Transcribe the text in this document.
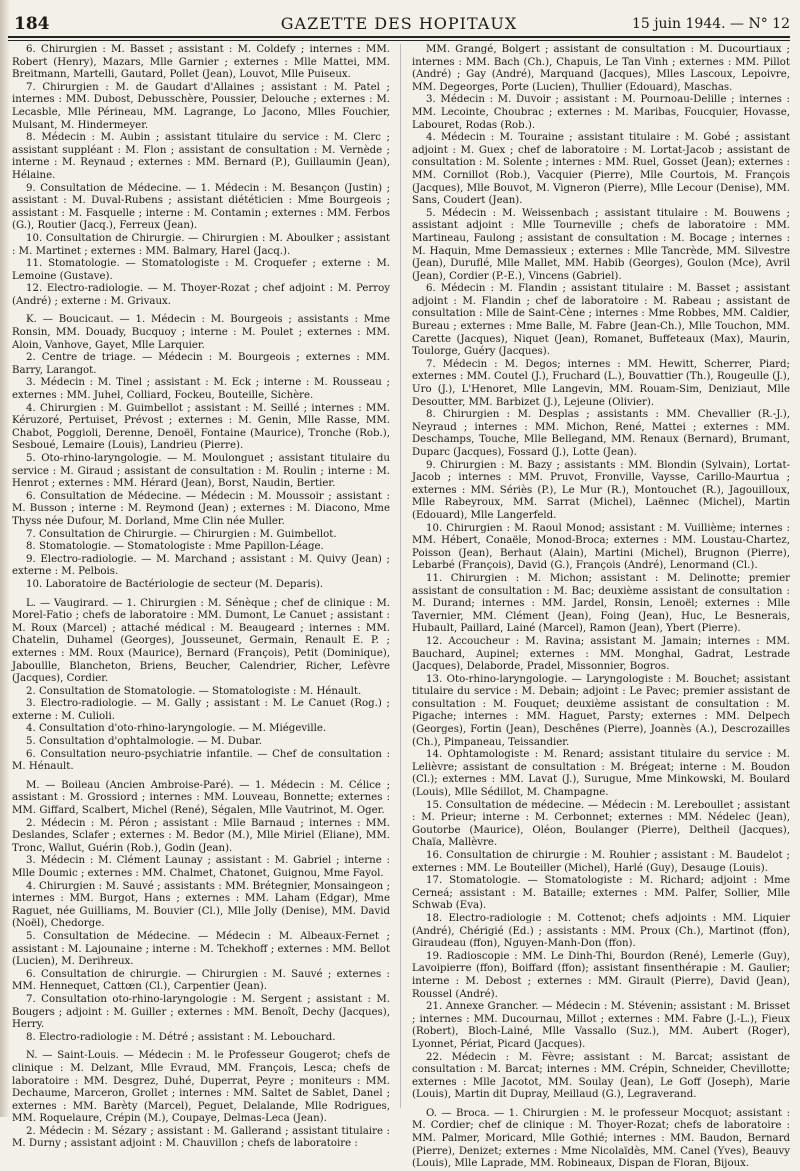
184	GAZETTE DES HOPITAUX	15 juin 1944. — N° 12

6. Chirurgien : M. Basset ; assistant : M. Coldefy ; internes : MM. Robert (Henry), Mazars, Mlle Garnier ; externes : Mlle Mattei, MM. Breitmann, Martelli, Gautard, Pollet (Jean), Louvot, Mlle Puiseux.

7. Chirurgien : M. de Gaudart d'Allaines ; assistant : M. Patel ; internes : MM. Dubost, Debusschère, Poussier, Delouche ; externes : M. Lecasble, Mlle Périneau, MM. Lagrange, Lo Jacono, Mlles Fouchier, Mulsant, M. Hindermeyer.

8. Médecin : M. Aubin ; assistant titulaire du service : M. Clerc ; assistant suppléant : M. Flon ; assistant de consultation : M. Vernède ; interne : M. Reynaud ; externes : MM. Bernard (P.), Guillaumin (Jean), Hélaine.

9. Consultation de Médecine. — 1. Médecin : M. Besançon (Justin) ; assistant : M. Duval-Rubens ; assistant diététicien : Mme Bourgeois ; assistant : M. Fasquelle ; interne : M. Contamin ; externes : MM. Ferbos (G.), Routier (Jacq.), Ferreux (Jean).

10. Consultation de Chirurgie. — Chirurgien : M. Aboulker ; assistant : M. Martinet ; externes : MM. Balmary, Harel (Jacq.).

11. Stomatologie. — Stomatologiste : M. Croquefer ; externe : M. Lemoine (Gustave).

12. Electro-radiologie. — M. Thoyer-Rozat ; chef adjoint : M. Perroy (André) ; externe : M. Grivaux.

K. — Boucicaut. — 1. Médecin : M. Bourgeois ; assistants : Mme Ronsin, MM. Douady, Bucquoy ; interne : M. Poulet ; externes : MM. Aloin, Vanhove, Gayet, Mlle Larquier.

2. Centre de triage. — Médecin : M. Bourgeois ; externes : MM. Barry, Larangot.

3. Médecin : M. Tinel ; assistant : M. Eck ; interne : M. Rousseau ; externes : MM. Juhel, Colliard, Fockeu, Bouteille, Sichère.

4. Chirurgien : M. Guimbellot ; assistant : M. Seillé ; internes : MM. Kéruzoré, Pertuiset, Prévost ; externes : M. Genin, Mlle Rasse, MM. Chabot, Poggioli, Derenne, Denoël, Fontaine (Maurice), Tronche (Rob.), Sesboué, Lemaire (Louis), Landrieu (Pierre).

5. Oto-rhino-laryngologie. — M. Moulonguet ; assistant titulaire du service : M. Giraud ; assistant de consultation : M. Roulin ; interne : M. Henrot ; externes : MM. Hérard (Jean), Borst, Naudin, Bertier.

6. Consultation de Médecine. — Médecin : M. Moussoir ; assistant : M. Busson ; interne : M. Reymond (Jean) ; externes : M. Diacono, Mme Thyss née Dufour, M. Dorland, Mme Clin née Muller.

7. Consultation de Chirurgie. — Chirurgien : M. Guimbellot.

8. Stomatologie. — Stomatologiste : Mme Papillon-Léage.

9. Electro-radiologie. — M. Marchand ; assistant : M. Quivy (Jean) ; externe : M. Pelbois.

10. Laboratoire de Bactériologie de secteur (M. Deparis).

L. — Vaugirard. — 1. Chirurgien : M. Sénèque ; chef de clinique : M. Morel-Fatio ; chefs de laboratoire : MM. Dumont, Le Canuet ; assistant : M. Roux (Marcel) ; attaché médical : M. Beaugeard ; internes : MM. Chatelin, Duhamel (Georges), Jousseunet, Germain, Renault E. P. ; externes : MM. Roux (Maurice), Bernard (François), Petit (Dominique), Jaboullle, Blancheton, Briens, Beucher, Calendrier, Richer, Lefèvre (Jacques), Cordier.

2. Consultation de Stomatologie. — Stomatologiste : M. Hénault.

3. Electro-radiologie. — M. Gally ; assistant : M. Le Canuet (Rog.) ; externe : M. Culioli.

4. Consultation d'oto-rhino-laryngologie. — M. Miégeville.

5. Consultation d'ophtalmologie. — M. Dubar.

6. Consultation neuro-psychiatrie infantile. — Chef de consultation : M. Hénault.

M. — Boileau (Ancien Ambroise-Paré). — 1. Médecin : M. Célice ; assistant : M. Grossiord ; internes : MM. Louveau, Bonnette; externes : MM. Giffard, Scalbert, Michel (René), Ségalen, Mlle Vautrinot, M. Oger.

2. Médecin : M. Péron ; assistant : Mlle Barnaud ; internes : MM. Deslandes, Sclafer ; externes : M. Bedor (M.), Mlle Miriel (Eliane), MM. Tronc, Wallut, Guérin (Rob.), Godin (Jean).

3. Médecin : M. Clément Launay ; assistant : M. Gabriel ; interne : Mlle Doumic ; externes : MM. Chalmet, Chatonet, Guignou, Mme Fayol.

4. Chirurgien : M. Sauvé ; assistants : MM. Brétegnier, Monsaingeon ; internes : MM. Burgot, Hans ; externes : MM. Laham (Edgar), Mme Raguet, née Guilliams, M. Bouvier (Cl.), Mlle Jolly (Denise), MM. David (Noël), Chedorge.

5. Consultation de Médecine. — Médecin : M. Albeaux-Fernet ; assistant : M. Lajounaine ; interne : M. Tchekhoff ; externes : MM. Bellot (Lucien), M. Derihreux.

6. Consultation de chirurgie. — Chirurgien : M. Sauvé ; externes : MM. Hennequet, Cattœn (Cl.), Carpentier (Jean).

7. Consultation oto-rhino-laryngologie : M. Sergent ; assistant : M. Bougers ; adjoint : M. Guiller ; externes : MM. Benoît, Dechy (Jacques), Herry.

8. Electro-radiologie : M. Détré ; assistant : M. Lebouchard.

N. — Saint-Louis. — Médecin : M. le Professeur Gougerot; chefs de clinique : M. Delzant, Mlle Evraud, MM. François, Lesca; chefs de laboratoire : MM. Desgrez, Duhé, Duperrat, Peyre ; moniteurs : MM. Dechaume, Marceron, Grollet ; internes : MM. Saltet de Sablet, Danel ; externes : MM. Barèty (Marcel), Peguet, Delalande, Mlle Rodrigues, MM. Roquelaure, Crépin (M.), Coupaye, Delmas-Leca (Jean).

2. Médecin : M. Sézary ; assistant : M. Gallerand ; assistant titulaire : M. Durny ; assistant adjoint : M. Chauvillon ; chefs de laboratoire :

MM. Grangé, Bolgert ; assistant de consultation : M. Ducourtiaux ; internes : MM. Bach (Ch.), Chapuis, Le Tan Vinh ; externes : MM. Pillot (André) ; Gay (André), Marquand (Jacques), Mlles Lascoux, Lepoivre, MM. Degeorges, Porte (Lucien), Thullier (Edouard), Maschas.

3. Médecin : M. Duvoir ; assistant : M. Pournoau-Delille ; internes : MM. Lecointe, Choubrac ; externes : M. Maribas, Foucquier, Hovasse, Labouret, Rodas (Rob.).

4. Médecin : M. Touraine ; assistant titulaire : M. Gobé ; assistant adjoint : M. Guex ; chef de laboratoire : M. Lortat-Jacob ; assistant de consultation : M. Solente ; internes : MM. Ruel, Gosset (Jean); externes : MM. Cornillot (Rob.), Vacquier (Pierre), Mlle Courtois, M. François (Jacques), Mlle Bouvot, M. Vigneron (Pierre), Mlle Lecour (Denise), MM. Sans, Coudert (Jean).

5. Médecin : M. Weissenbach ; assistant titulaire : M. Bouwens ; assistant adjoint : Mlle Tourneville ; chefs de laboratoire : MM. Martineau, Faulong ; assistant de consultation : M. Bocage ; internes : M. Haquin, Mme Demassieux ; externes : Mlle Tancrède, MM. Silvestre (Jean), Duruflé, Mlle Mallet, MM. Habib (Georges), Goulon (Mce), Avril (Jean), Cordier (P.-E.), Vincens (Gabriel).

6. Médecin : M. Flandin ; assistant titulaire : M. Basset ; assistant adjoint : M. Flandin ; chef de laboratoire : M. Rabeau ; assistant de consultation : Mlle de Saint-Cène ; internes : Mme Robbes, MM. Caldier, Bureau ; externes : Mme Balle, M. Fabre (Jean-Ch.), Mlle Touchon, MM. Carette (Jacques), Niquet (Jean), Romanet, Buffeteaux (Max), Maurin, Toulorge, Guéry (Jacques).

7. Médecin : M. Degos; internes : MM. Hewitt, Scherrer, Piard; externes : MM. Coutel (J.), Fruchard (L.), Bouvattier (Th.), Rougeulle (J.), Uro (J.), L'Henoret, Mlle Langevin, MM. Rouam-Sim, Deniziaut, Mlle Desoutter, MM. Barbizet (J.), Lejeune (Olivier).

8. Chirurgien : M. Desplas ; assistants : MM. Chevallier (R.-J.), Neyraud ; internes : MM. Michon, René, Mattei ; externes : MM. Deschamps, Touche, Mlle Bellegand, MM. Renaux (Bernard), Brumant, Duparc (Jacques), Fossard (J.), Lotte (Jean).

9. Chirurgien : M. Bazy ; assistants : MM. Blondin (Sylvain), Lortat-Jacob ; internes : MM. Pruvot, Fronville, Vaysse, Carillo-Maurtua ; externes : MM. Sériès (P.), Le Mur (R.), Montouchet (R.), Jagouilloux, Mlle Rabeyroux, MM. Sarrat (Michel), Laënnec (Michel), Martin (Edouard), Mlle Langerfeld.

10. Chirurgien : M. Raoul Monod; assistant : M. Vuillième; internes : MM. Hébert, Conaële, Monod-Broca; externes : MM. Loustau-Chartez, Poisson (Jean), Berhaut (Alain), Martini (Michel), Brugnon (Pierre), Lebarbé (François), David (G.), François (André), Lenormand (Cl.).

11. Chirurgien : M. Michon; assistant : M. Delinotte; premier assistant de consultation : M. Bac; deuxième assistant de consultation : M. Durand; internes : MM. Jardel, Ronsin, Lenoël; externes : Mlle Tavernier, MM. Clément (Jean), Foing (Jean), Huc, Le Besnerais, Hubault, Paillard, Lainé (Marcel), Ramon (Jean), Ybert (Pierre).

12. Accoucheur : M. Ravina; assistant M. Jamain; internes : MM. Bauchard, Aupinel; externes : MM. Monghal, Gadrat, Lestrade (Jacques), Delaborde, Pradel, Missonnier, Bogros.

13. Oto-rhino-laryngologie. — Laryngologiste : M. Bouchet; assistant titulaire du service : M. Debain; adjoint : Le Pavec; premier assistant de consultation : M. Fouquet; deuxième assistant de consultation : M. Pigache; internes : MM. Haguet, Parsty; externes : MM. Delpech (Georges), Fortin (Jean), Deschênes (Pierre), Joannès (A.), Descrozailles (Ch.), Pimpaneau, Teissandier.

14. Ophtamologiste : M. Renard; assistant titulaire du service : M. Lelièvre; assistant de consultation : M. Brégeat; interne : M. Boudon (Cl.); externes : MM. Lavat (J.), Surugue, Mme Minkowski, M. Boulard (Louis), Mlle Sédillot, M. Champagne.

15. Consultation de médecine. — Médecin : M. Lereboullet ; assistant : M. Prieur; interne : M. Cerbonnet; externes : MM. Nédelec (Jean), Goutorbe (Maurice), Oléon, Boulanger (Pierre), Deltheil (Jacques), Chaïa, Mallèvre.

16. Consultation de chirurgie : M. Rouhier ; assistant : M. Baudelot ; externes : MM. Le Bouteiller (Michel), Harlé (Guy), Desauge (Louis).

17. Stomatologie. — Stomatologiste : M. Richard; adjoint : Mme Cerneá; assistant : M. Bataille; externes : MM. Palfer, Sollier, Mlle Schwab (Eva).

18. Electro-radiologie : M. Cottenot; chefs adjoints : MM. Liquier (André), Chérigié (Ed.) ; assistants : MM. Proux (Ch.), Martinot (ffon), Giraudeau (ffon), Nguyen-Manh-Don (ffon).

19. Radioscopie : MM. Le Dinh-Thi, Bourdon (René), Lemerle (Guy), Lavoipierre (ffon), Boiffard (ffon); assistant finsenthérapie : M. Gaulier; interne : M. Debost ; externes : MM. Girault (Pierre), David (Jean), Roussel (André).

21. Annexe Grancher. — Médecin : M. Stévenin; assistant : M. Brisset ; internes : MM. Ducournau, Millot ; externes : MM. Fabre (J.-L.), Fieux (Robert), Bloch-Lainé, Mlle Vassallo (Suz.), MM. Aubert (Roger), Lyonnet, Périat, Picard (Jacques).

22. Médecin : M. Fèvre; assistant : M. Barcat; assistant de consultation : M. Barcat; internes : MM. Crépin, Schneider, Chevillotte; externes : Mlle Jacotot, MM. Soulay (Jean), Le Goff (Joseph), Marie (Louis), Martin dit Dupray, Meillaud (G.), Legraverand.

O. — Broca. — 1. Chirurgien : M. le professeur Mocquot; assistant : M. Cordier; chef de clinique : M. Thoyer-Rozat; chefs de laboratoire : MM. Palmer, Moricard, Mlle Gothié; internes : MM. Baudon, Bernard (Pierre), Denizet; externes : Mme Nicolaïdès, MM. Canel (Yves), Beauvy (Louis), Mlle Laprade, MM. Robineaux, Dispan de Floran, Bijoux.
